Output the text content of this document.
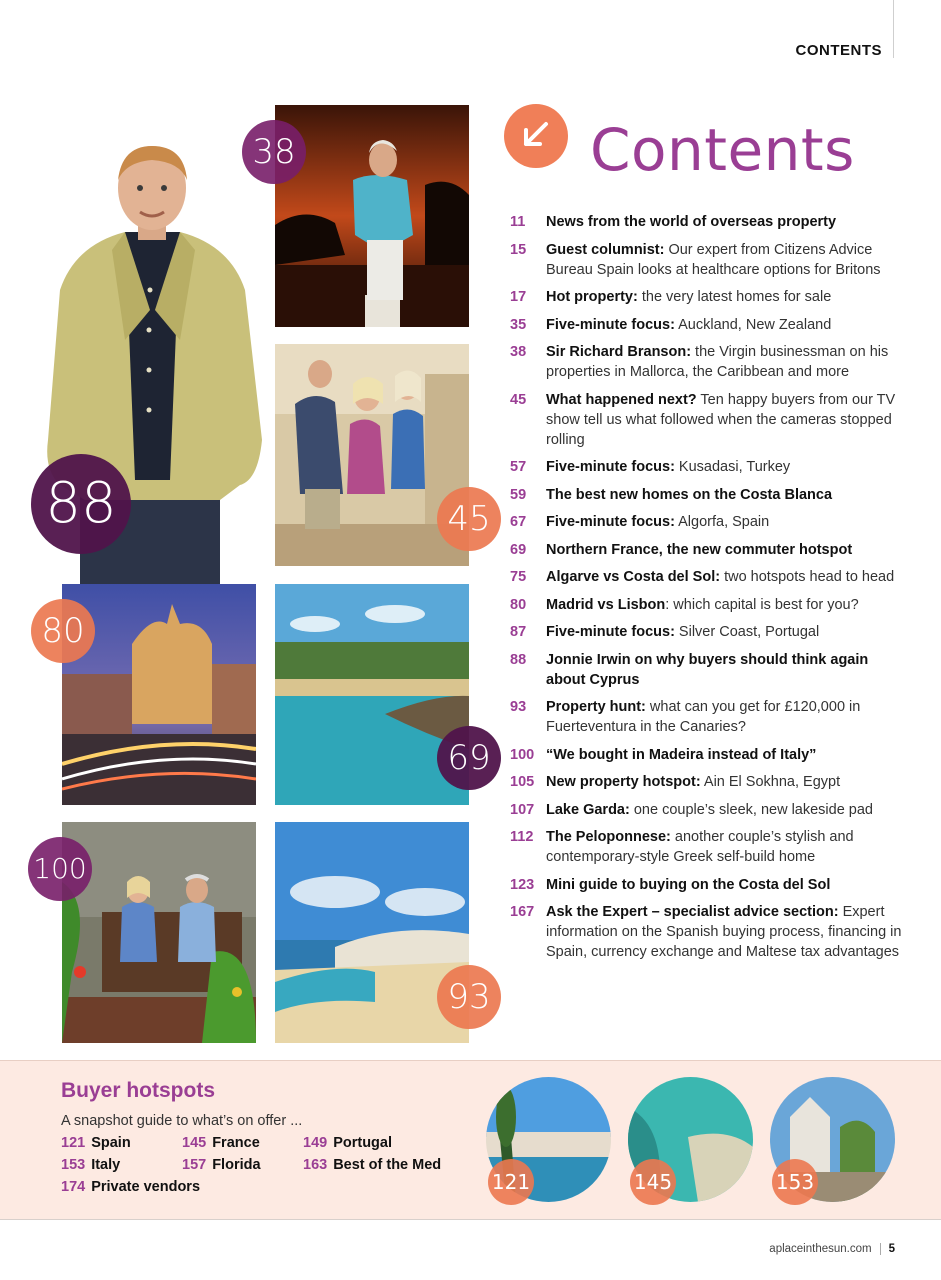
CONTENTS
38
88	45
80
69
100
93
Contents
11	News from the world of overseas property
15	Guest columnist: Our expert from Citizens Advice Bureau Spain looks at healthcare options for Britons
17	Hot property: the very latest homes for sale
35	Five-minute focus: Auckland, New Zealand
38	Sir Richard Branson: the Virgin businessman on his properties in Mallorca, the Caribbean and more
45	What happened next? Ten happy buyers from our TV show tell us what followed when the cameras stopped rolling
57	Five-minute focus: Kusadasi, Turkey
59	The best new homes on the Costa Blanca
67	Five-minute focus: Algorfa, Spain
69	Northern France, the new commuter hotspot
75	Algarve vs Costa del Sol: two hotspots head to head
80	Madrid vs Lisbon: which capital is best for you?
87	Five-minute focus: Silver Coast, Portugal
88	Jonnie Irwin on why buyers should think again about Cyprus
93	Property hunt: what can you get for £120,000 in Fuerteventura in the Canaries?
100 “We bought in Madeira instead of Italy”
105 New property hotspot: Ain El Sokhna, Egypt
107 Lake Garda: one couple’s sleek, new lakeside pad
112 The Peloponnese: another couple’s stylish and contemporary-style Greek self-build home
123 Mini guide to buying on the Costa del Sol
167 Ask the Expert – specialist advice section: Expert information on the Spanish buying process, financing in Spain, currency exchange and Maltese tax advantages
Buyer hotspots
A snapshot guide to what’s on offer ...
121 Spain	145 France	149 Portugal
153 Italy	157 Florida	163 Best of the Med
174 Private vendors	121	145	153
aplaceinthesun.com 5
